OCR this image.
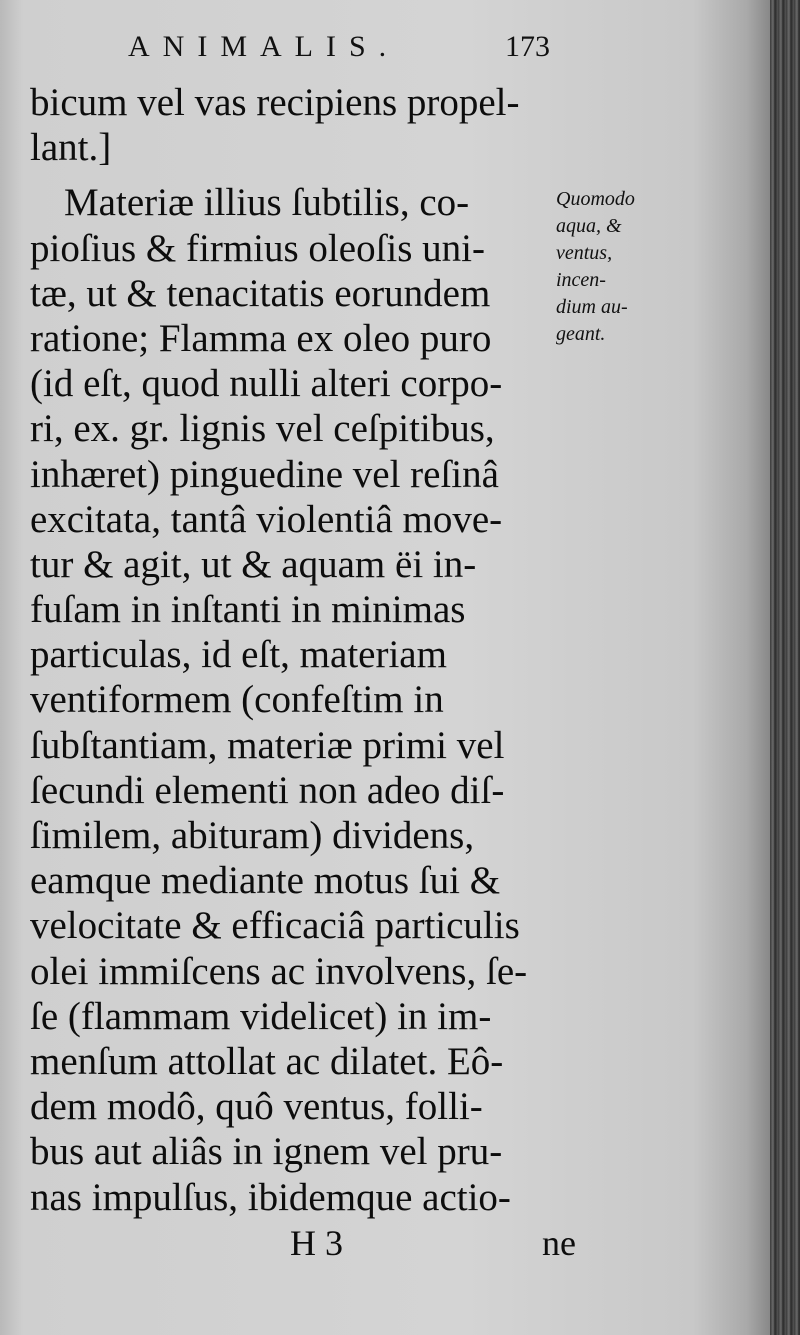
ANIMALIS.	173
bicum vel vas recipiens propel-
lant.]
Materiæ illius ſubtilis, co-
pioſius & firmius oleoſis uni-
tæ, ut & tenacitatis eorundem
ratione; Flamma ex oleo puro
(id eſt, quod nulli alteri corpo-
ri, ex. gr. lignis vel ceſpitibus,
inhæret) pinguedine vel reſinâ
excitata, tantâ violentiâ move-
tur & agit, ut & aquam ëi in-
fuſam in inſtanti in minimas
particulas, id eſt, materiam
ventiformem (confeſtim in
ſubſtantiam, materiæ primi vel
ſecundi elementi non adeo diſ-
ſimilem, abituram) dividens,
eamque mediante motus ſui &
velocitate & efficaciâ particulis
olei immiſcens ac involvens, ſe-
ſe (flammam videlicet) in im-
menſum attollat ac dilatet. Eô-
dem modô, quô ventus, folli-
bus aut aliâs in ignem vel pru-
nas impulſus, ibidemque actio-
Quomodo
aqua, &
ventus,
incen-
dium au-
geant.
H 3	ne
